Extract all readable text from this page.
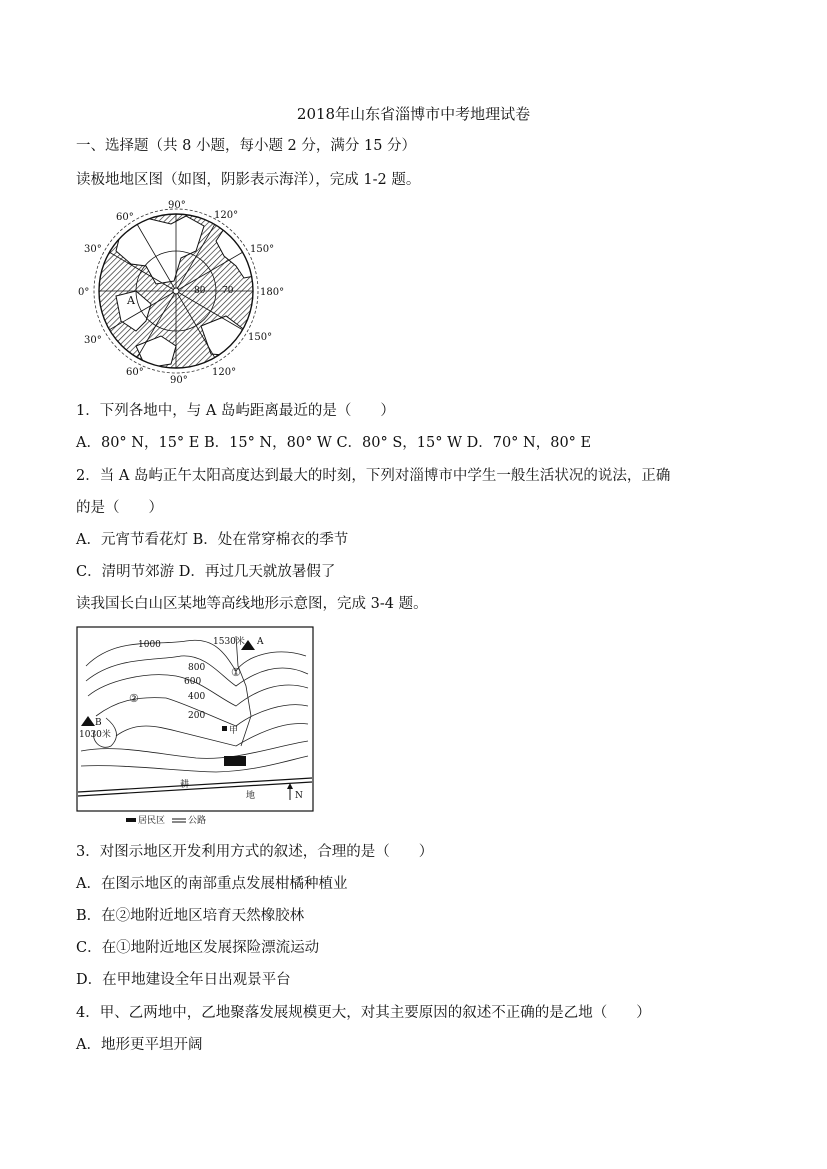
2018年山东省淄博市中考地理试卷
一、选择题（共 8 小题，每小题 2 分，满分 15 分）
读极地地区图（如图，阴影表示海洋），完成 1-2 题。
90°
120°
150°
180°
150°
120°
90°
60°
30°
0°
30°
60°
80 70
A
1．下列各地中，与 A 岛屿距离最近的是（　　）
A．80° N，15° E B．15° N，80° W C．80° S，15° W D．70° N，80° E
2．当 A 岛屿正午太阳高度达到最大的时刻，下列对淄博市中学生一般生活状况的说法，正确
的是（　　）
A．元宵节看花灯 B．处在常穿棉衣的季节
C．清明节郊游 D．再过几天就放暑假了
读我国长白山区某地等高线地形示意图，完成 3-4 题。
1000
800
600
400
200
1530米 A
1030米
B
①
②
甲
N
耕
地
居民区	公路
3．对图示地区开发利用方式的叙述，合理的是（　　）
A．在图示地区的南部重点发展柑橘种植业
B．在②地附近地区培育天然橡胶林
C．在①地附近地区发展探险漂流运动
D．在甲地建设全年日出观景平台
4．甲、乙两地中，乙地聚落发展规模更大，对其主要原因的叙述不正确的是乙地（　　）
A．地形更平坦开阔
